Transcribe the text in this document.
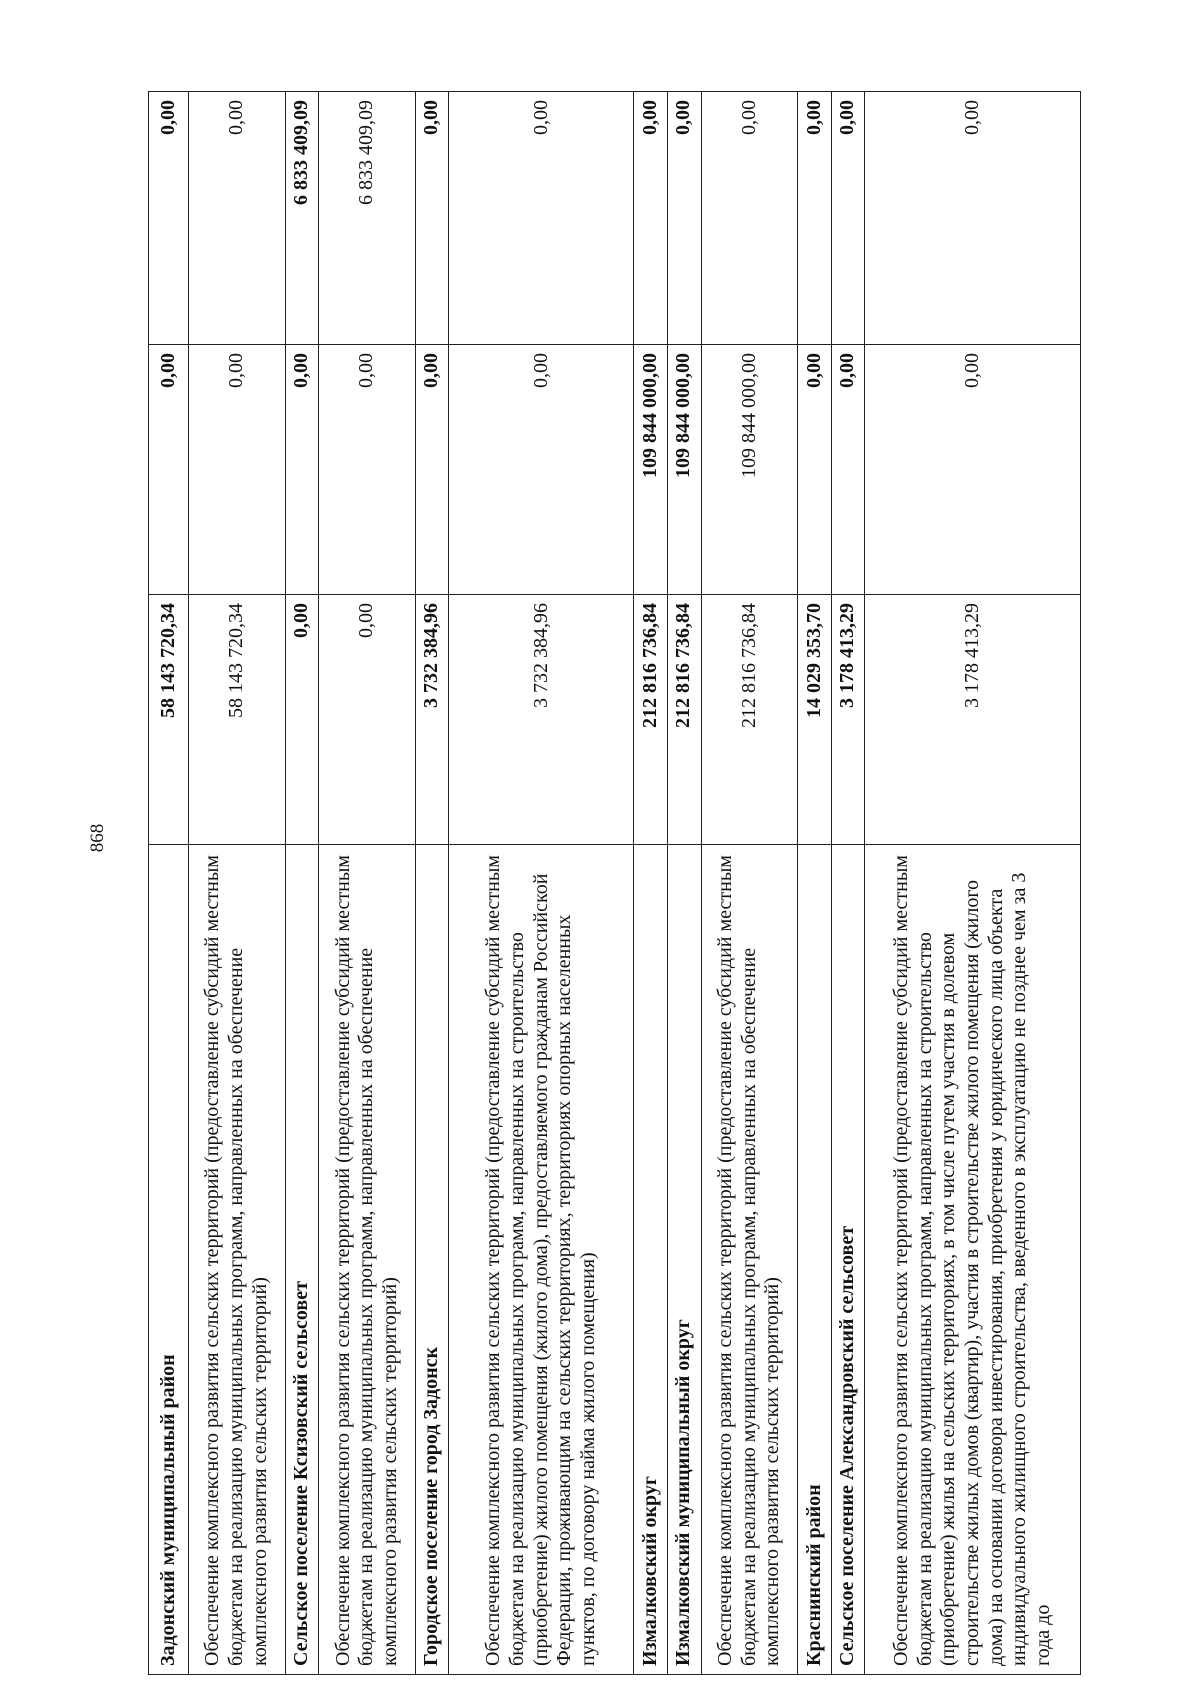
868
Задонский муниципальный район	58 143 720,34	0,00	0,00
Обеспечение комплексного развития сельских территорий (предоставление субсидий местным бюджетам на реализацию муниципальных программ, направленных на обеспечение комплексного развития сельских территорий)	58 143 720,34	0,00	0,00
Сельское поселение Ксизовский сельсовет	0,00	0,00	6 833 409,09
Обеспечение комплексного развития сельских территорий (предоставление субсидий местным бюджетам на реализацию муниципальных программ, направленных на обеспечение комплексного развития сельских территорий)	0,00	0,00	6 833 409,09
Городское поселение город Задонск	3 732 384,96	0,00	0,00
Обеспечение комплексного развития сельских территорий (предоставление субсидий местным бюджетам на реализацию муниципальных программ, направленных на строительство (приобретение) жилого помещения (жилого дома), предоставляемого гражданам Российской Федерации, проживающим на сельских территориях, территориях опорных населенных пунктов, по договору найма жилого помещения)	3 732 384,96	0,00	0,00
Измалковский округ	212 816 736,84	109 844 000,00	0,00
Измалковский муниципальный округ	212 816 736,84	109 844 000,00	0,00
Обеспечение комплексного развития сельских территорий (предоставление субсидий местным бюджетам на реализацию муниципальных программ, направленных на обеспечение комплексного развития сельских территорий)	212 816 736,84	109 844 000,00	0,00
Краснинский район	14 029 353,70	0,00	0,00
Сельское поселение Александровский сельсовет	3 178 413,29	0,00	0,00
Обеспечение комплексного развития сельских территорий (предоставление субсидий местным бюджетам на реализацию муниципальных программ, направленных на строительство (приобретение) жилья на сельских территориях, в том числе путем участия в долевом строительстве жилых домов (квартир), участия в строительстве жилого помещения (жилого дома) на основании договора инвестирования, приобретения у юридического лица объекта индивидуального жилищного строительства, введенного в эксплуатацию не позднее чем за 3 года до	3 178 413,29	0,00	0,00
